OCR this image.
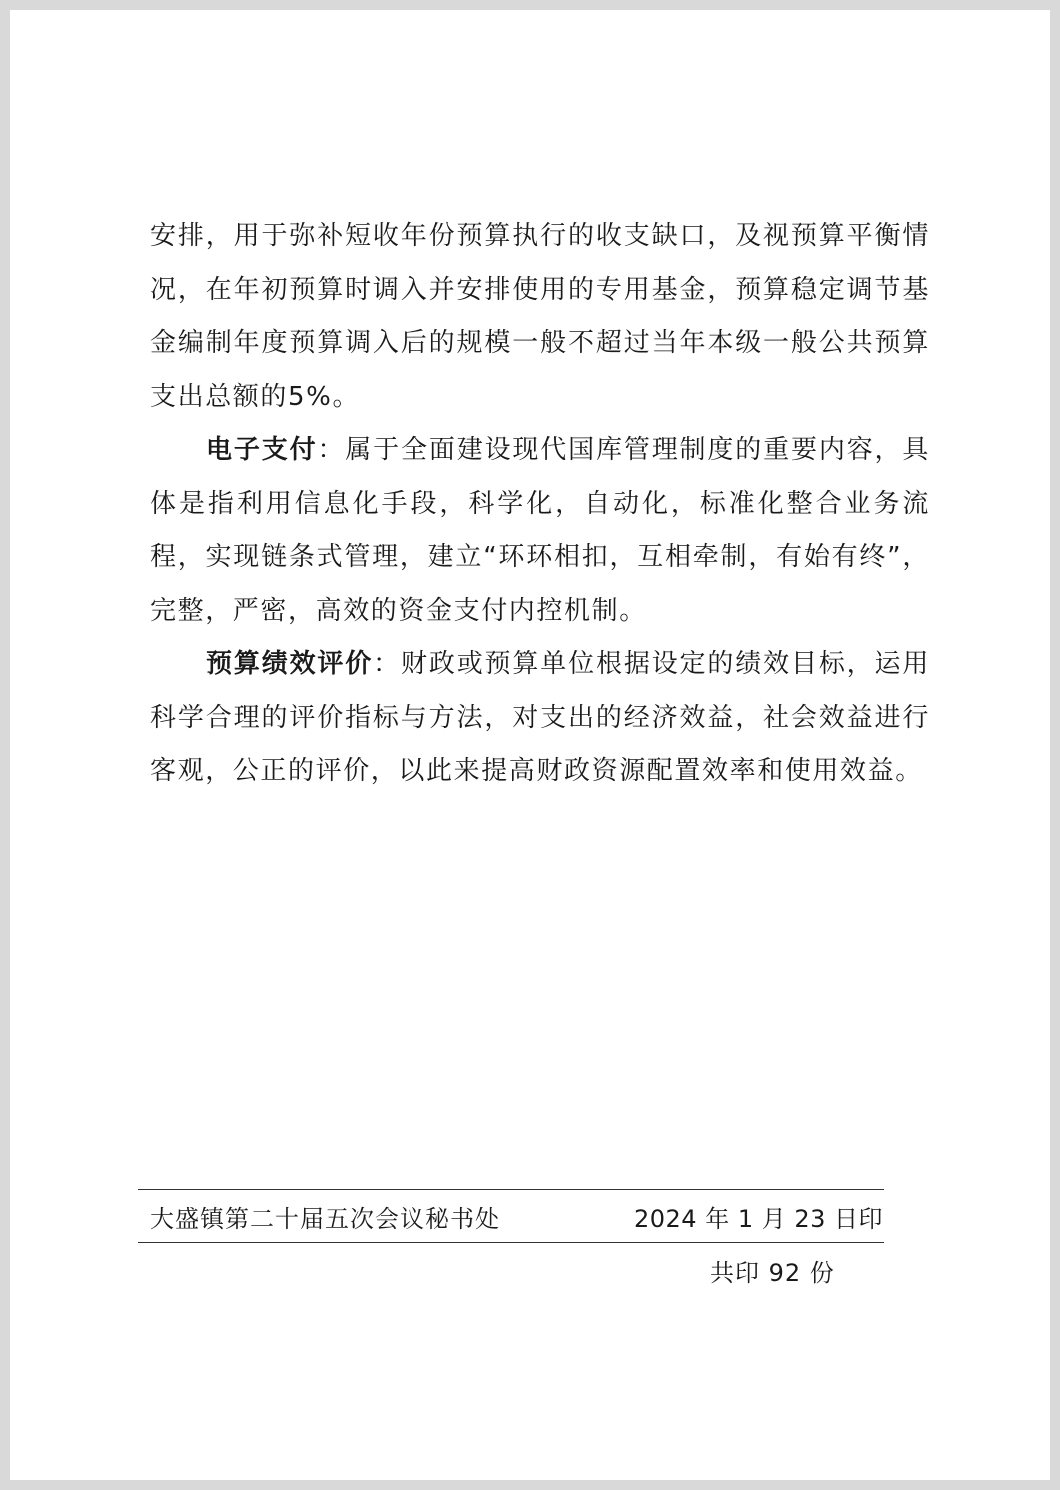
安排，用于弥补短收年份预算执行的收支缺口，及视预算平衡情况，在年初预算时调入并安排使用的专用基金，预算稳定调节基金编制年度预算调入后的规模一般不超过当年本级一般公共预算支出总额的5%。

电子支付：属于全面建设现代国库管理制度的重要内容，具体是指利用信息化手段，科学化，自动化，标准化整合业务流程，实现链条式管理，建立“环环相扣，互相牵制，有始有终”，完整，严密，高效的资金支付内控机制。

预算绩效评价：财政或预算单位根据设定的绩效目标，运用科学合理的评价指标与方法，对支出的经济效益，社会效益进行客观，公正的评价，以此来提高财政资源配置效率和使用效益。

大盛镇第二十届五次会议秘书处	2024 年 1 月 23 日印
共印 92 份
